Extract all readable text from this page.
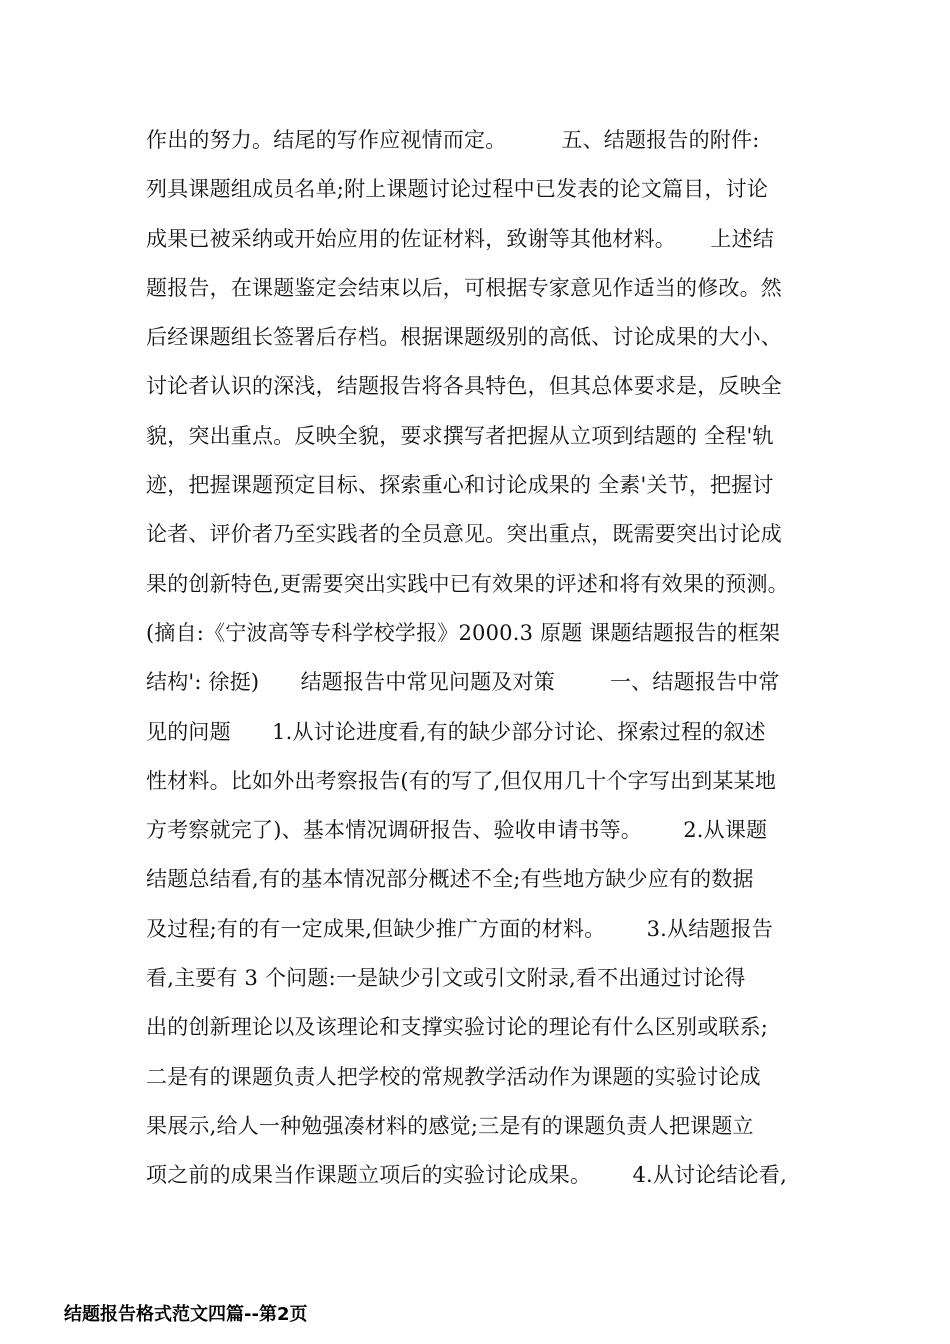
作出的努力。结尾的写作应视情而定。        五、结题报告的附件:
列具课题组成员名单;附上课题讨论过程中已发表的论文篇目，讨论
成果已被采纳或开始应用的佐证材料，致谢等其他材料。     上述结
题报告，在课题鉴定会结束以后，可根据专家意见作适当的修改。然
后经课题组长签署后存档。根据课题级别的高低、讨论成果的大小、
讨论者认识的深浅，结题报告将各具特色，但其总体要求是，反映全
貌，突出重点。反映全貌，要求撰写者把握从立项到结题的 全程'轨
迹，把握课题预定目标、探索重心和讨论成果的 全素'关节，把握讨
论者、评价者乃至实践者的全员意见。突出重点，既需要突出讨论成
果的创新特色,更需要突出实践中已有效果的评述和将有效果的预测。
(摘自:《宁波高等专科学校学报》2000.3 原题 课题结题报告的框架
结构': 徐挺)      结题报告中常见问题及对策        一、结题报告中常
见的问题      1.从讨论进度看,有的缺少部分讨论、探索过程的叙述
性材料。比如外出考察报告(有的写了,但仅用几十个字写出到某某地
方考察就完了)、基本情况调研报告、验收申请书等。      2.从课题
结题总结看,有的基本情况部分概述不全;有些地方缺少应有的数据
及过程;有的有一定成果,但缺少推广方面的材料。      3.从结题报告
看,主要有 3 个问题:一是缺少引文或引文附录,看不出通过讨论得
出的创新理论以及该理论和支撑实验讨论的理论有什么区别或联系;
二是有的课题负责人把学校的常规教学活动作为课题的实验讨论成
果展示,给人一种勉强凑材料的感觉;三是有的课题负责人把课题立
项之前的成果当作课题立项后的实验讨论成果。      4.从讨论结论看,
结题报告格式范文四篇--第2页
